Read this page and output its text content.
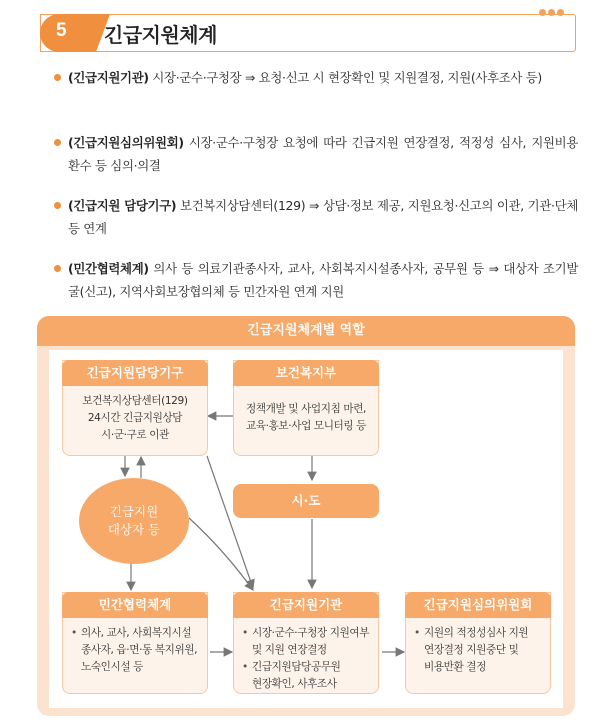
5 긴급지원체계
(긴급지원기관) 시장·군수·구청장 ⇒ 요청·신고 시 현장확인 및 지원결정, 지원(사후조사 등)
(긴급지원심의위원회) 시장·군수·구청장 요청에 따라 긴급지원 연장결정, 적정성 심사, 지원비용 환수 등 심의·의결
(긴급지원 담당기구) 보건복지상담센터(129) ⇒ 상담·정보 제공, 지원요청·신고의 이관, 기관·단체 등 연계
(민간협력체계) 의사 등 의료기관종사자, 교사, 사회복지시설종사자, 공무원 등 ⇒ 대상자 조기발굴(신고), 지역사회보장협의체 등 민간자원 연계 지원
긴급지원체계별 역할
긴급지원담당기구
보건복지상담센터(129)
24시간 긴급지원상담
시·군·구로 이관
보건복지부
정책개발 및 사업지침 마련,
교육·홍보·사업 모니터링 등
긴급지원
대상자 등
시·도
민간협력체계
• 의사, 교사, 사회복지시설
종사자, 읍·면·동 복지위원,
노숙인시설 등
긴급지원기관
• 시장·군수·구청장 지원여부
및 지원 연장결정
• 긴급지원담당공무원
현장확인, 사후조사
긴급지원심의위원회
• 지원의 적정성심사 지원
연장결정 지원중단 및
비용반환 결정
